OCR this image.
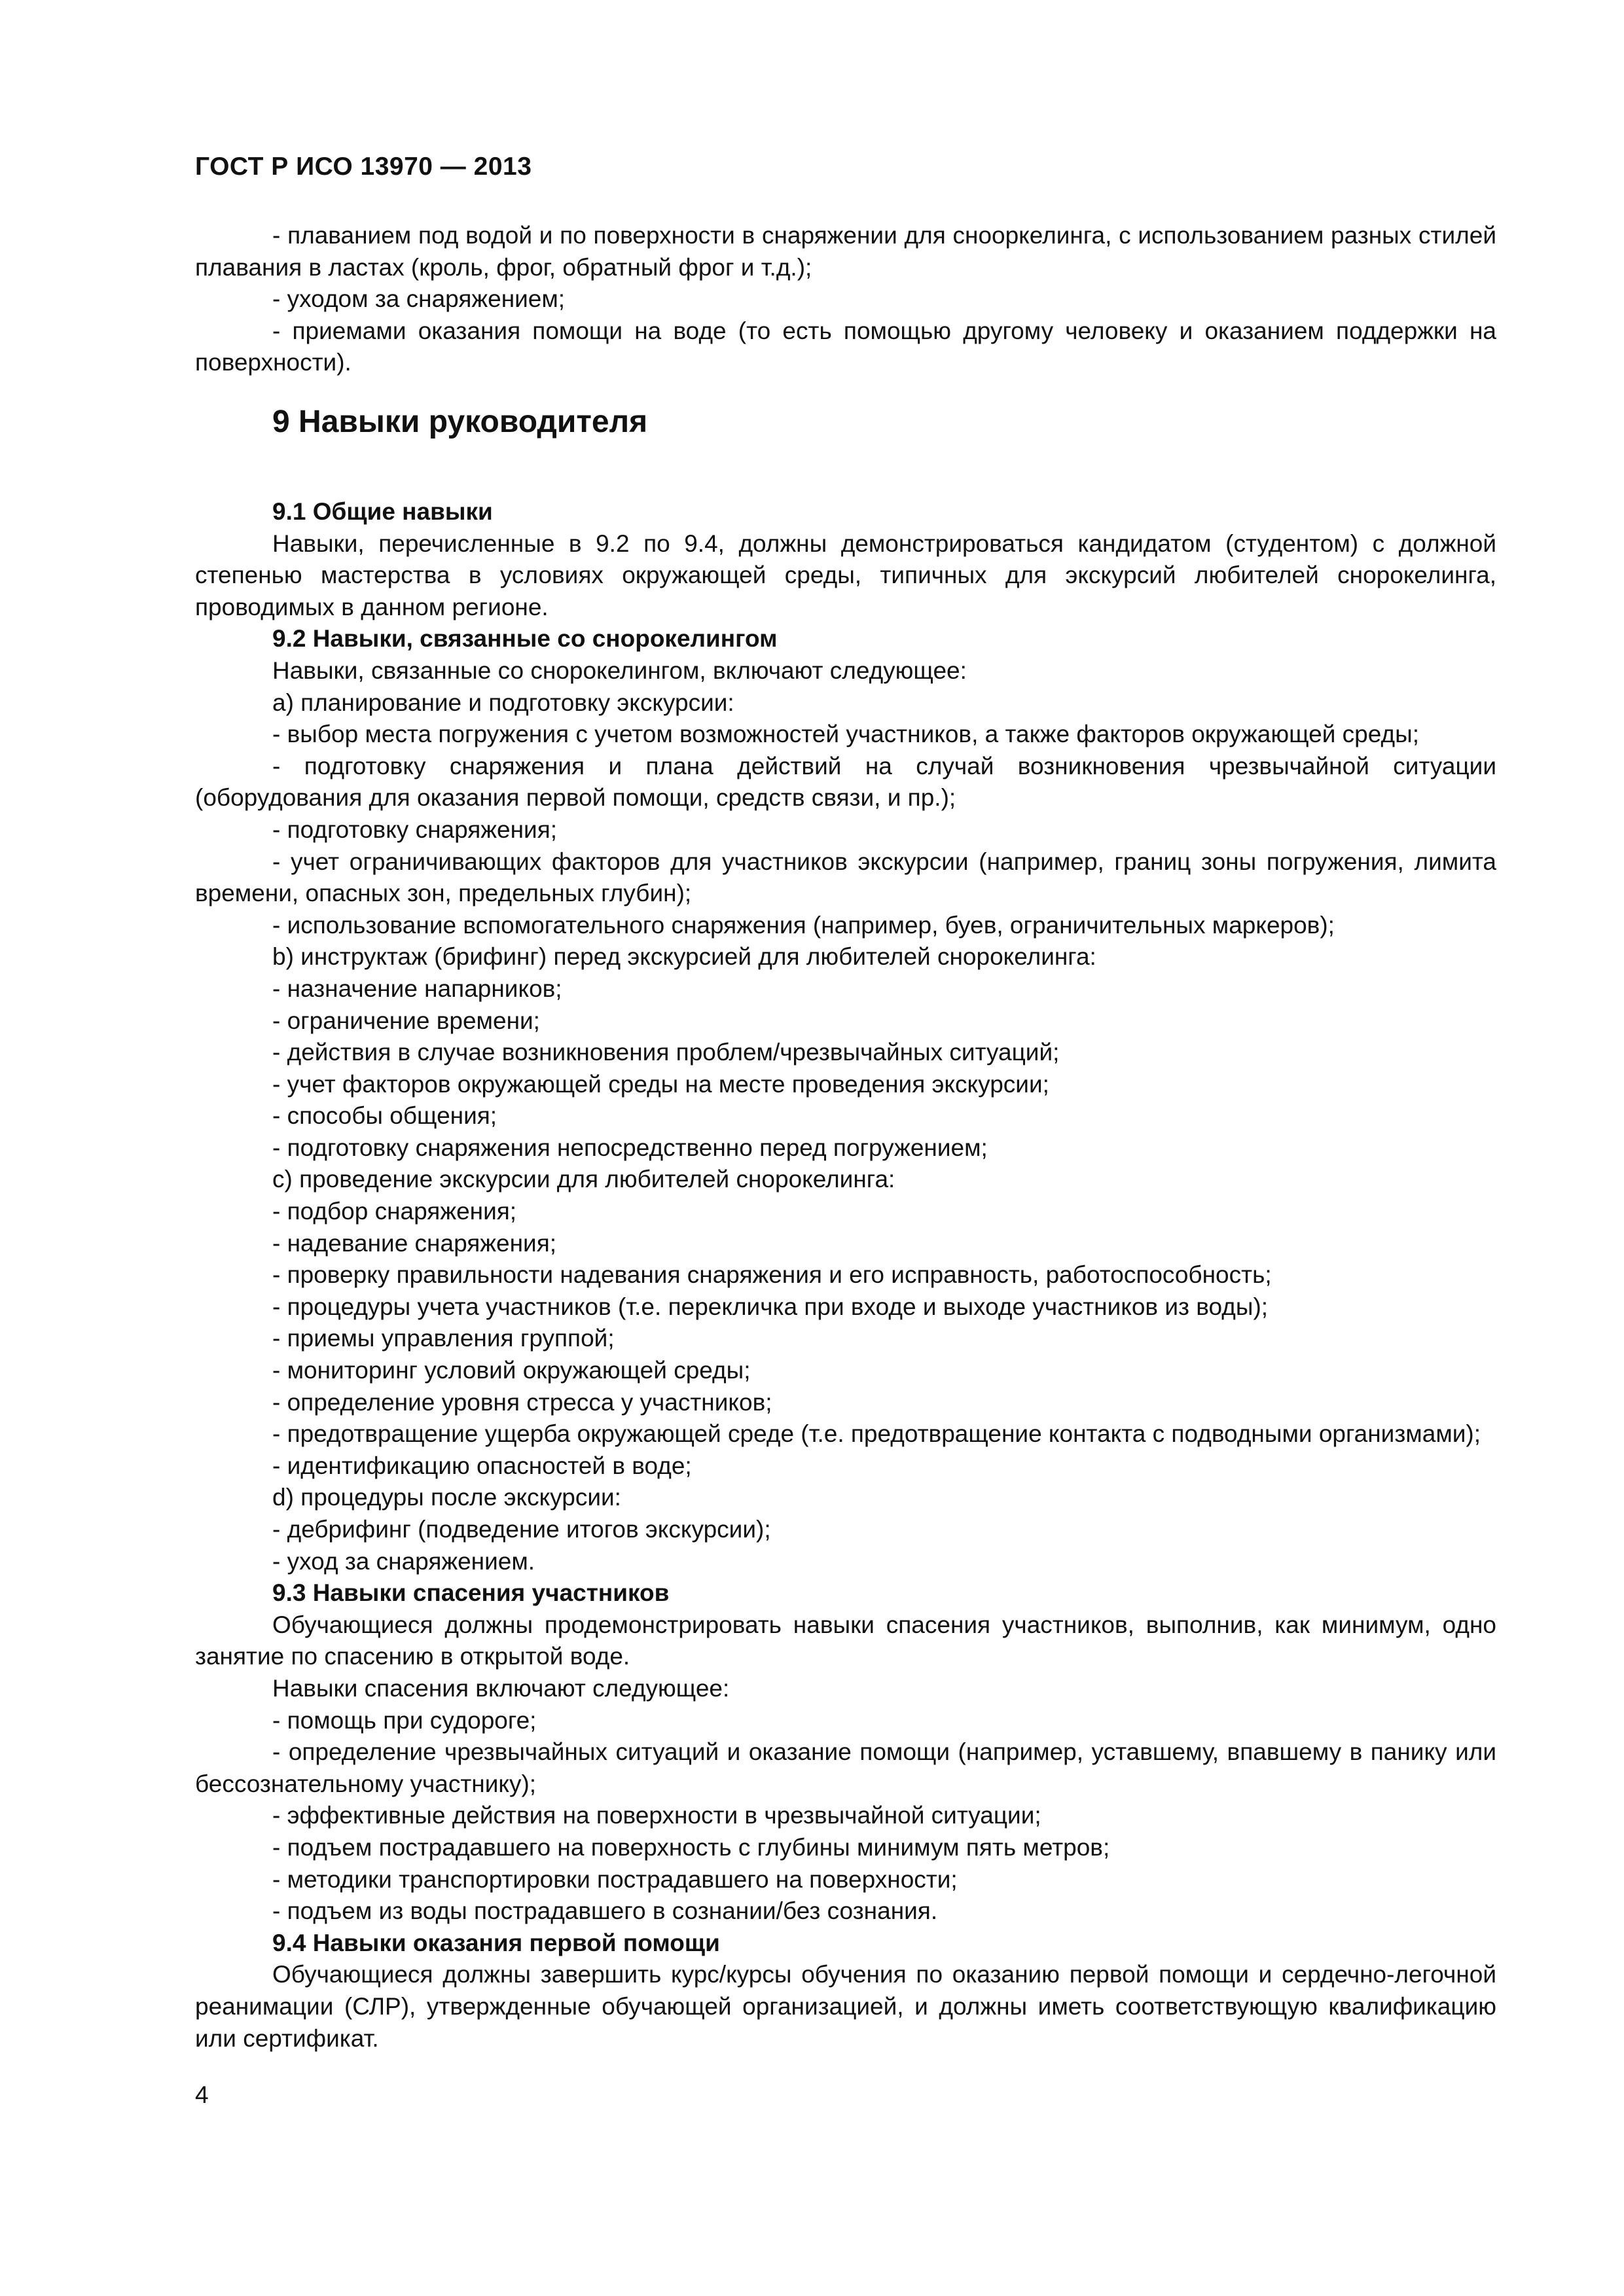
ГОСТ Р ИСО 13970 — 2013

- плаванием под водой и по поверхности в снаряжении для снооркелинга, с использованием разных стилей плавания в ластах (кроль, фрог, обратный фрог и т.д.);

- уходом за снаряжением;

- приемами оказания помощи на воде (то есть помощью другому человеку и оказанием поддержки на поверхности).

9 Навыки руководителя

9.1 Общие навыки

Навыки, перечисленные в 9.2 по 9.4, должны демонстрироваться кандидатом (студентом) с должной степенью мастерства в условиях окружающей среды, типичных для экскурсий любителей снорокелинга, проводимых в данном регионе.

9.2 Навыки, связанные со снорокелингом

Навыки, связанные со снорокелингом, включают следующее:

а) планирование и подготовку экскурсии:

- выбор места погружения с учетом возможностей участников, а также факторов окружающей среды;

- подготовку снаряжения и плана действий на случай возникновения чрезвычайной ситуации (оборудования для оказания первой помощи, средств связи, и пр.);

- подготовку снаряжения;

- учет ограничивающих факторов для участников экскурсии (например, границ зоны погружения, лимита времени, опасных зон, предельных глубин);

- использование вспомогательного снаряжения (например, буев, ограничительных маркеров);

b) инструктаж (брифинг) перед экскурсией для любителей снорокелинга:

- назначение напарников;

- ограничение времени;

- действия в случае возникновения проблем/чрезвычайных ситуаций;

- учет факторов окружающей среды на месте проведения экскурсии;

- способы общения;

- подготовку снаряжения непосредственно перед погружением;

с) проведение экскурсии для любителей снорокелинга:

- подбор снаряжения;

- надевание снаряжения;

- проверку правильности надевания снаряжения и его исправность, работоспособность;

- процедуры учета участников (т.е. перекличка при входе и выходе участников из воды);

- приемы управления группой;

- мониторинг условий окружающей среды;

- определение уровня стресса у участников;

- предотвращение ущерба окружающей среде (т.е. предотвращение контакта с подводными организмами);

- идентификацию опасностей в воде;

d) процедуры после экскурсии:

- дебрифинг (подведение итогов экскурсии);

- уход за снаряжением.

9.3 Навыки спасения участников

Обучающиеся должны продемонстрировать навыки спасения участников, выполнив, как минимум, одно занятие по спасению в открытой воде.

Навыки спасения включают следующее:

- помощь при судороге;

- определение чрезвычайных ситуаций и оказание помощи (например, уставшему, впавшему в панику или бессознательному участнику);

- эффективные действия на поверхности в чрезвычайной ситуации;

- подъем пострадавшего на поверхность с глубины минимум пять метров;

- методики транспортировки пострадавшего на поверхности;

- подъем из воды пострадавшего в сознании/без сознания.

9.4 Навыки оказания первой помощи

Обучающиеся должны завершить курс/курсы обучения по оказанию первой помощи и сердечно-легочной реанимации (СЛР), утвержденные обучающей организацией, и должны иметь соответствующую квалификацию или сертификат.

4
